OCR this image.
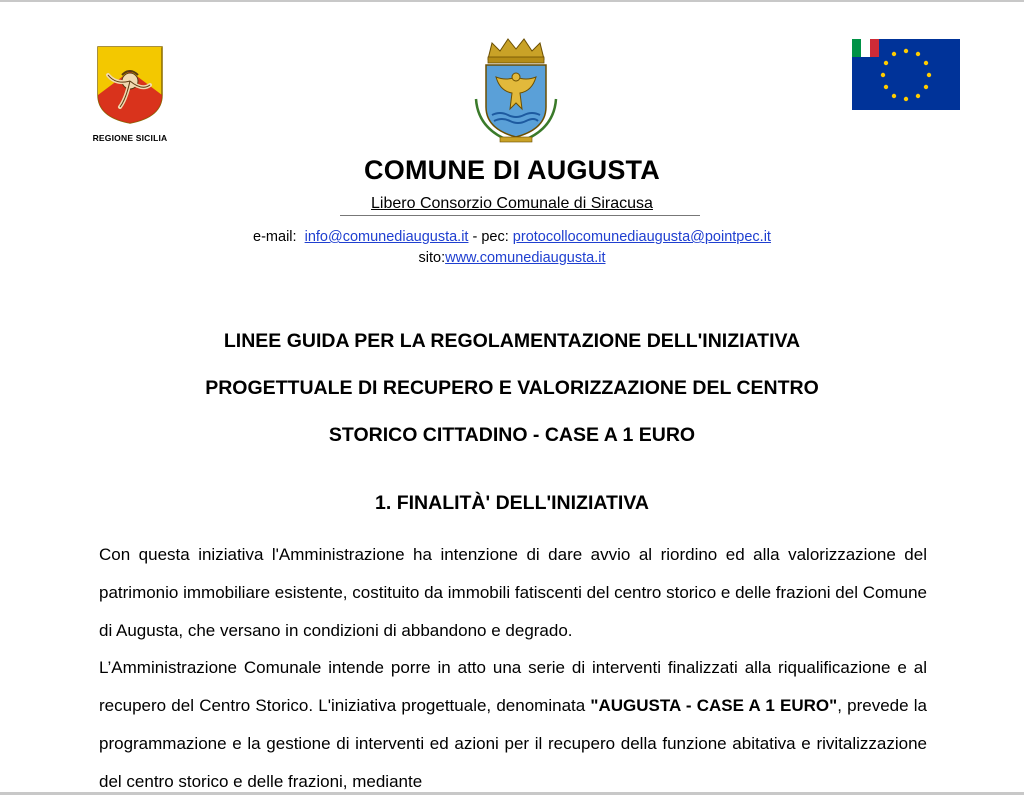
REGIONE SICILIA
COMUNE DI AUGUSTA
Libero Consorzio Comunale di Siracusa
e-mail: info@comunediaugusta.it - pec: protocollocomunediaugusta@pointpec.it
sito:www.comunediaugusta.it
LINEE GUIDA PER LA REGOLAMENTAZIONE DELL'INIZIATIVA
PROGETTUALE DI RECUPERO E VALORIZZAZIONE DEL CENTRO
STORICO CITTADINO - CASE A 1 EURO
1. FINALITÀ' DELL'INIZIATIVA

Con questa iniziativa l'Amministrazione ha intenzione di dare avvio al riordino ed alla valorizzazione del patrimonio immobiliare esistente, costituito da immobili fatiscenti del centro storico e delle frazioni del Comune di Augusta, che versano in condizioni di abbandono e degrado.

L’Amministrazione Comunale intende porre in atto una serie di interventi finalizzati alla riqualificazione e al recupero del Centro Storico. L'iniziativa progettuale, denominata "AUGUSTA - CASE A 1 EURO", prevede la programmazione e la gestione di interventi ed azioni per il recupero della funzione abitativa e rivitalizzazione del centro storico e delle frazioni, mediante
